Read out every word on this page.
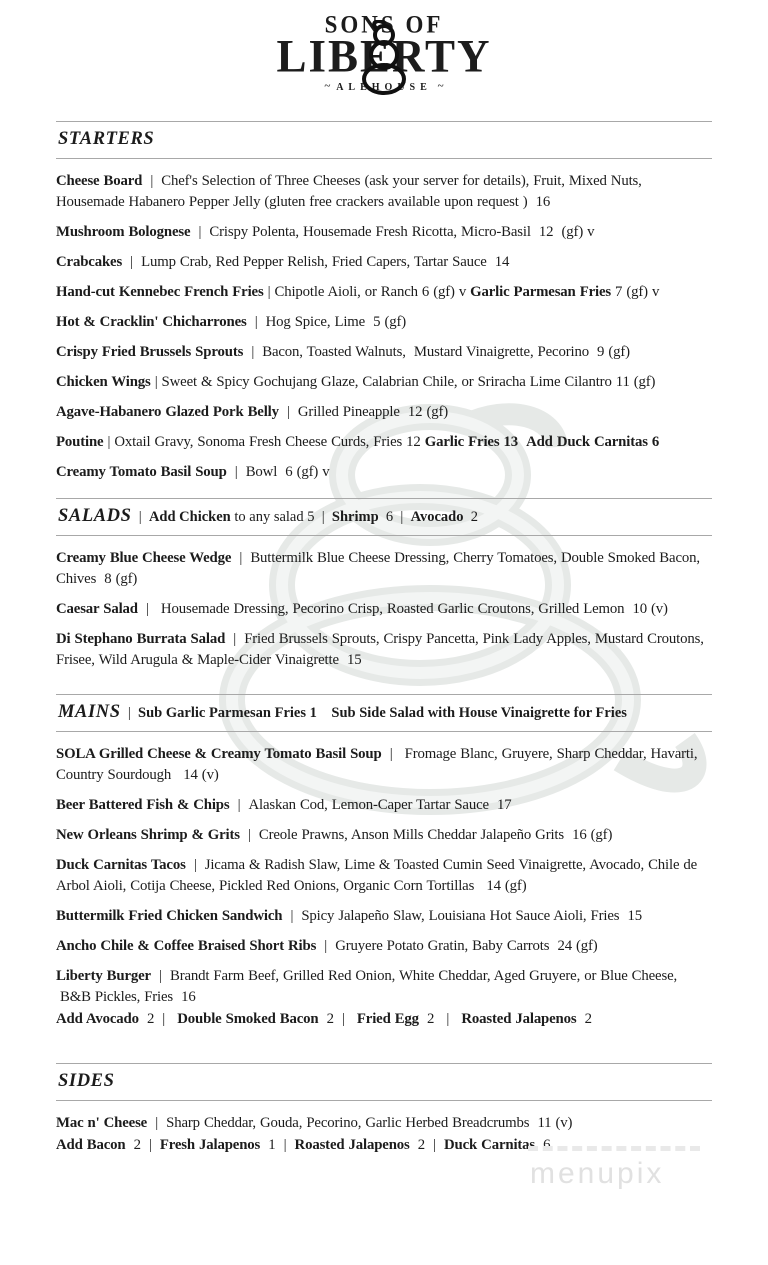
SONS OF
LIBERTY
~ ALEHOUSE ~
STARTERS

Cheese Board  |  Chef's Selection of Three Cheeses (ask your server for details), Fruit, Mixed Nuts, Housemade Habanero Pepper Jelly (gluten free crackers available upon request )  16

Mushroom Bolognese  |  Crispy Polenta, Housemade Fresh Ricotta, Micro-Basil  12  (gf) v

Crabcakes  |  Lump Crab, Red Pepper Relish, Fried Capers, Tartar Sauce  14

Hand-cut Kennebec French Fries | Chipotle Aioli, or Ranch 6 (gf) v Garlic Parmesan Fries 7 (gf) v

Hot & Cracklin' Chicharrones  |  Hog Spice, Lime  5 (gf)

Crispy Fried Brussels Sprouts  |  Bacon, Toasted Walnuts,  Mustard Vinaigrette, Pecorino  9 (gf)

Chicken Wings | Sweet & Spicy Gochujang Glaze, Calabrian Chile, or Sriracha Lime Cilantro 11 (gf)

Agave-Habanero Glazed Pork Belly  |  Grilled Pineapple  12 (gf)

Poutine | Oxtail Gravy, Sonoma Fresh Cheese Curds, Fries 12 Garlic Fries 13  Add Duck Carnitas 6

Creamy Tomato Basil Soup  |  Bowl  6 (gf) v

SALADS  |  Add Chicken to any salad 5  |  Shrimp  6  |  Avocado  2

Creamy Blue Cheese Wedge  |  Buttermilk Blue Cheese Dressing, Cherry Tomatoes, Double Smoked Bacon, Chives  8 (gf)

Caesar Salad  |   Housemade Dressing, Pecorino Crisp, Roasted Garlic Croutons, Grilled Lemon  10 (v)

Di Stephano Burrata Salad  |  Fried Brussels Sprouts, Crispy Pancetta, Pink Lady Apples, Mustard Croutons, Frisee, Wild Arugula & Maple-Cider Vinaigrette  15

MAINS  |  Sub Garlic Parmesan Fries 1 Sub Side Salad with House Vinaigrette for Fries

SOLA Grilled Cheese & Creamy Tomato Basil Soup  |   Fromage Blanc, Gruyere, Sharp Cheddar, Havarti, Country Sourdough   14 (v)

Beer Battered Fish & Chips  |  Alaskan Cod, Lemon-Caper Tartar Sauce  17

New Orleans Shrimp & Grits  |  Creole Prawns, Anson Mills Cheddar Jalapeño Grits  16 (gf)

Duck Carnitas Tacos  |  Jicama & Radish Slaw, Lime & Toasted Cumin Seed Vinaigrette, Avocado, Chile de Arbol Aioli, Cotija Cheese, Pickled Red Onions, Organic Corn Tortillas   14 (gf)

Buttermilk Fried Chicken Sandwich  |  Spicy Jalapeño Slaw, Louisiana Hot Sauce Aioli, Fries  15

Ancho Chile & Coffee Braised Short Ribs  |  Gruyere Potato Gratin, Baby Carrots  24 (gf)

Liberty Burger  |  Brandt Farm Beef, Grilled Red Onion, White Cheddar, Aged Gruyere, or Blue Cheese,  B&B Pickles, Fries  16

Add Avocado  2  |   Double Smoked Bacon  2  |   Fried Egg  2   |   Roasted Jalapenos  2

SIDES

Mac n' Cheese  |  Sharp Cheddar, Gouda, Pecorino, Garlic Herbed Breadcrumbs  11 (v)

Add Bacon  2  |  Fresh Jalapenos  1  |  Roasted Jalapenos  2  |  Duck Carnitas  6

menupix
